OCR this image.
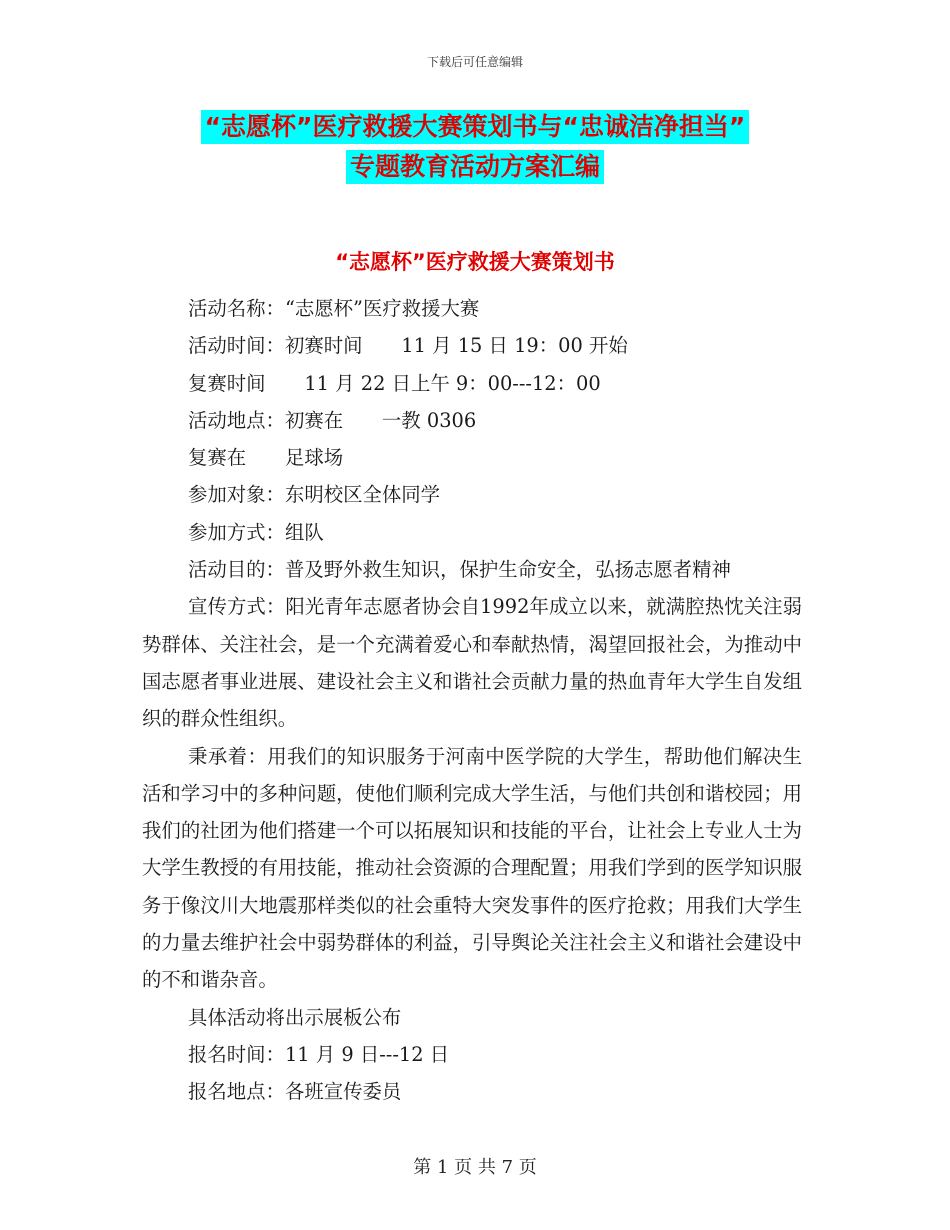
下载后可任意编辑
“志愿杯”医疗救援大赛策划书与“忠诚洁净担当”
专题教育活动方案汇编
“志愿杯”医疗救援大赛策划书

活动名称：“志愿杯”医疗救援大赛

活动时间：初赛时间　　11 月 15 日 19：00 开始

复赛时间　　11 月 22 日上午 9：00---12：00

活动地点：初赛在　　一教 0306

复赛在　　足球场

参加对象：东明校区全体同学

参加方式：组队

活动目的：普及野外救生知识，保护生命安全，弘扬志愿者精神

宣传方式：阳光青年志愿者协会自1992年成立以来，就满腔热忱关注弱势群体、关注社会，是一个充满着爱心和奉献热情，渴望回报社会，为推动中国志愿者事业进展、建设社会主义和谐社会贡献力量的热血青年大学生自发组织的群众性组织。

秉承着：用我们的知识服务于河南中医学院的大学生，帮助他们解决生活和学习中的多种问题，使他们顺利完成大学生活，与他们共创和谐校园；用我们的社团为他们搭建一个可以拓展知识和技能的平台，让社会上专业人士为大学生教授的有用技能，推动社会资源的合理配置；用我们学到的医学知识服务于像汶川大地震那样类似的社会重特大突发事件的医疗抢救；用我们大学生的力量去维护社会中弱势群体的利益，引导舆论关注社会主义和谐社会建设中的不和谐杂音。

具体活动将出示展板公布

报名时间：11 月 9 日---12 日

报名地点：各班宣传委员

第 1 页 共 7 页
